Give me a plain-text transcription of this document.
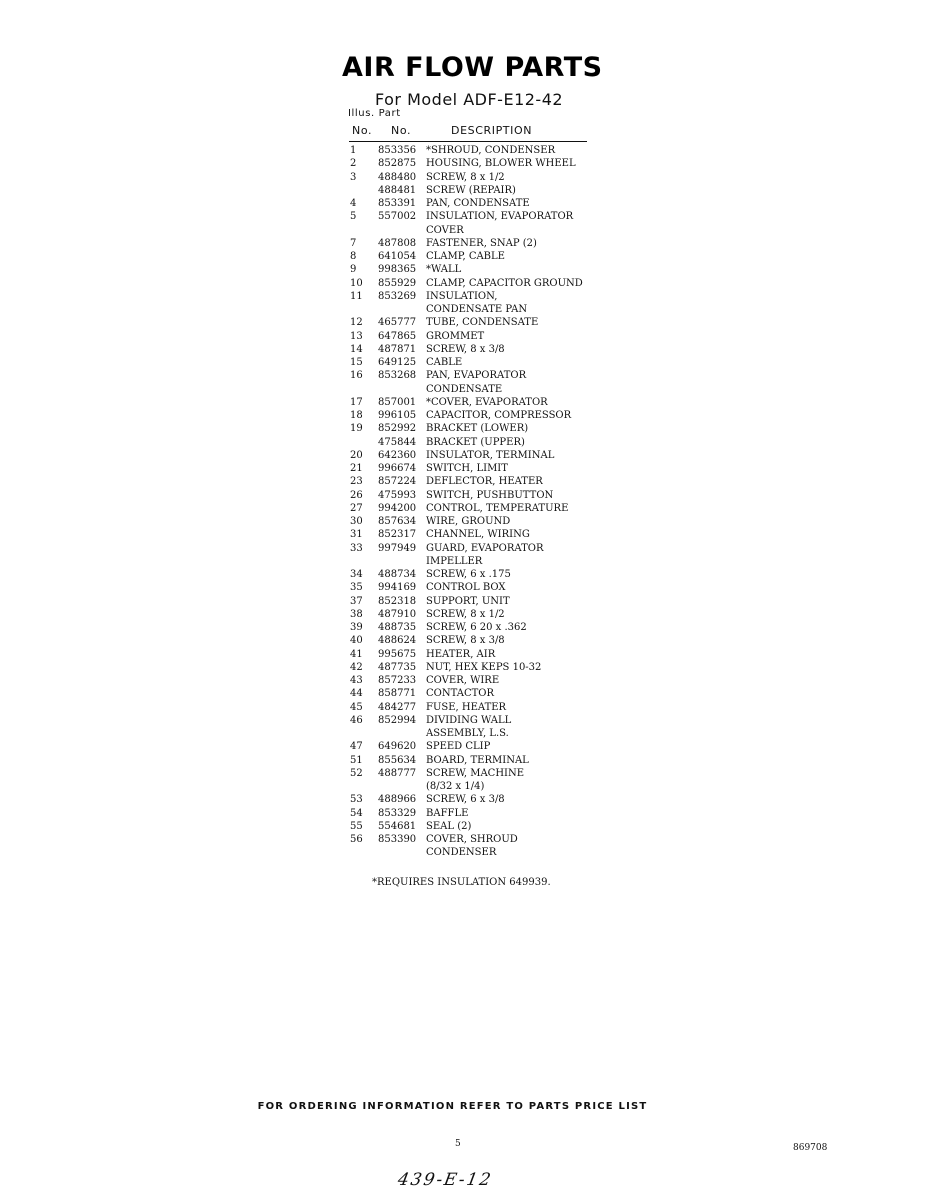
AIR FLOW PARTS
For Model ADF-E12-42
Illus. Part
No. No.	DESCRIPTION
1	853356 *SHROUD, CONDENSER
2	852875 HOUSING, BLOWER WHEEL
3	488480 SCREW, 8 x 1/2
488481 SCREW (REPAIR)
4	853391 PAN, CONDENSATE
5	557002 INSULATION, EVAPORATOR
COVER
7	487808 FASTENER, SNAP (2)
8	641054 CLAMP, CABLE
9	998365 *WALL
10	855929 CLAMP, CAPACITOR GROUND
11	853269 INSULATION,
CONDENSATE PAN
12	465777 TUBE, CONDENSATE
13	647865 GROMMET
14	487871 SCREW, 8 x 3/8
15	649125 CABLE
16	853268 PAN, EVAPORATOR
CONDENSATE
17	857001 *COVER, EVAPORATOR
18	996105 CAPACITOR, COMPRESSOR
19	852992 BRACKET (LOWER)
475844 BRACKET (UPPER)
20	642360 INSULATOR, TERMINAL
21	996674 SWITCH, LIMIT
23	857224 DEFLECTOR, HEATER
26	475993 SWITCH, PUSHBUTTON
27	994200 CONTROL, TEMPERATURE
30	857634 WIRE, GROUND
31	852317 CHANNEL, WIRING
33	997949 GUARD, EVAPORATOR
IMPELLER
34	488734 SCREW, 6 x .175
35	994169 CONTROL BOX
37	852318 SUPPORT, UNIT
38	487910 SCREW, 8 x 1/2
39	488735 SCREW, 6 20 x .362
40	488624 SCREW, 8 x 3/8
41	995675 HEATER, AIR
42	487735 NUT, HEX KEPS 10-32
43	857233 COVER, WIRE
44	858771 CONTACTOR
45	484277 FUSE, HEATER
46	852994 DIVIDING WALL
ASSEMBLY, L.S.
47	649620 SPEED CLIP
51	855634 BOARD, TERMINAL
52	488777 SCREW, MACHINE
(8/32 x 1/4)
53	488966 SCREW, 6 x 3/8
54	853329 BAFFLE
55	554681 SEAL (2)
56	853390 COVER, SHROUD
CONDENSER
*REQUIRES INSULATION 649939.
FOR ORDERING INFORMATION REFER TO PARTS PRICE LIST
5	869708
439-E-12
